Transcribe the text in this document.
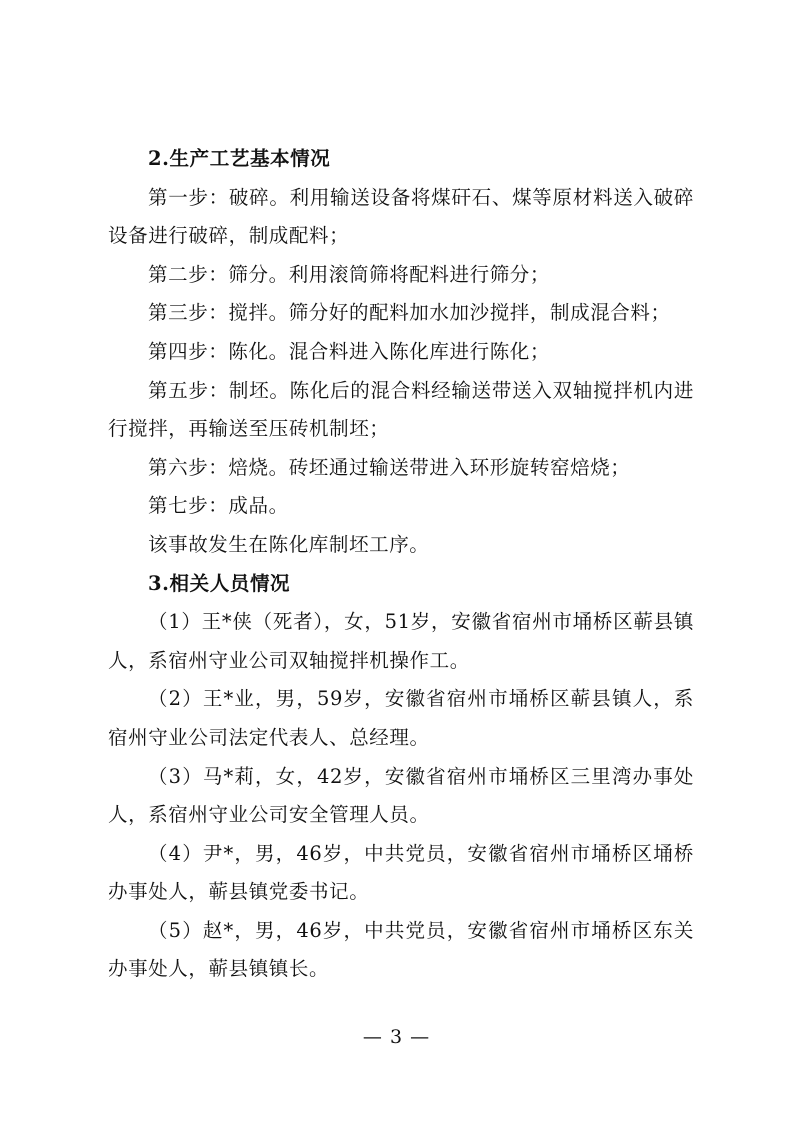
2.生产工艺基本情况

第一步：破碎。利用输送设备将煤矸石、煤等原材料送入破碎设备进行破碎，制成配料；

第二步：筛分。利用滚筒筛将配料进行筛分；

第三步：搅拌。筛分好的配料加水加沙搅拌，制成混合料；

第四步：陈化。混合料进入陈化库进行陈化；

第五步：制坯。陈化后的混合料经输送带送入双轴搅拌机内进行搅拌，再输送至压砖机制坯；

第六步：焙烧。砖坯通过输送带进入环形旋转窑焙烧；

第七步：成品。

该事故发生在陈化库制坯工序。

3.相关人员情况

（1）王*侠（死者），女，51岁，安徽省宿州市埇桥区蕲县镇人，系宿州守业公司双轴搅拌机操作工。

（2）王*业，男，59岁，安徽省宿州市埇桥区蕲县镇人，系宿州守业公司法定代表人、总经理。

（3）马*莉，女，42岁，安徽省宿州市埇桥区三里湾办事处人，系宿州守业公司安全管理人员。

（4）尹*，男，46岁，中共党员，安徽省宿州市埇桥区埇桥办事处人，蕲县镇党委书记。

（5）赵*，男，46岁，中共党员，安徽省宿州市埇桥区东关办事处人，蕲县镇镇长。

— 3 —
